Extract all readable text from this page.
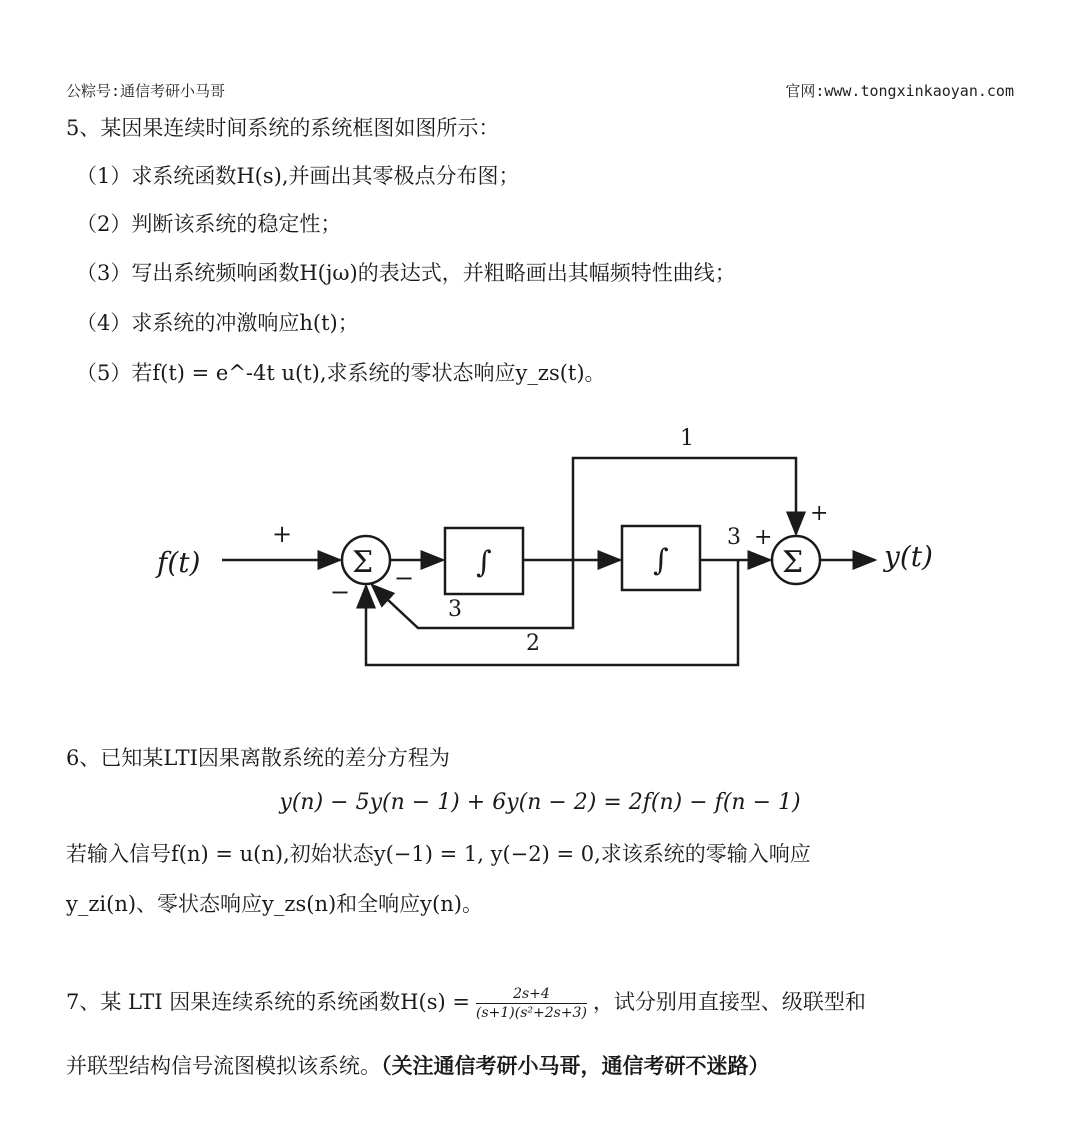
公粽号:通信考研小马哥	官网:www.tongxinkaoyan.com
5、某因果连续时间系统的系统框图如图所示：
（1）求系统函数H(s),并画出其零极点分布图；
（2）判断该系统的稳定性；
（3）写出系统频响函数H(jω)的表达式，并粗略画出其幅频特性曲线；
（4）求系统的冲激响应h(t)；
（5）若f(t) = e^-4t u(t),求系统的零状态响应y_zs(t)。
f(t)	y(t)
Σ	Σ
∫	∫
+
− −
+
+
1
3
2
3
6、已知某LTI因果离散系统的差分方程为
y(n) − 5y(n − 1) + 6y(n − 2) = 2f(n) − f(n − 1)
若输入信号f(n) = u(n),初始状态y(−1) = 1, y(−2) = 0,求该系统的零输入响应
y_zi(n)、零状态响应y_zs(n)和全响应y(n)。
7、某 LTI 因果连续系统的系统函数$H(s) = \frac{2s+4}{\text{(s+1)(s²+2s+3)}}$ ，试分别用直接型、级联型和
并联型结构信号流图模拟该系统。（关注通信考研小马哥，通信考研不迷路）
